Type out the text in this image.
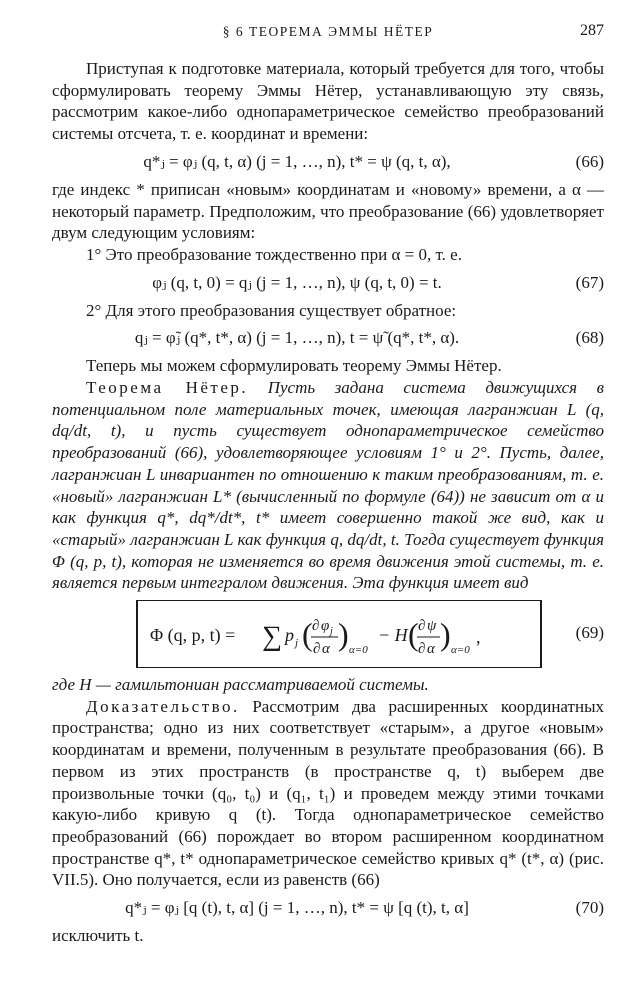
§ 6 ТЕОРЕМА ЭММЫ НЁТЕР	287

Приступая к подготовке материала, который требуется для того, чтобы сформулировать теорему Эммы Нётер, устанавливающую эту связь, рассмотрим какое-либо однопараметрическое семейство преобразований системы отсчета, т. е. координат и времени:

q*ⱼ = φⱼ (q, t, α) (j = 1, …, n), t* = ψ (q, t, α),	(66)

где индекс * приписан «новым» координатам и «новому» времени, а α — некоторый параметр. Предположим, что преобразование (66) удовлетворяет двум следующим условиям:

1° Это преобразование тождественно при α = 0, т. е.

φⱼ (q, t, 0) = qⱼ (j = 1, …, n), ψ (q, t, 0) = t.	(67)

2° Для этого преобразования существует обратное:

qⱼ = φ̃ⱼ (q*, t*, α) (j = 1, …, n), t = ψ̃ (q*, t*, α).	(68)

Теперь мы можем сформулировать теорему Эммы Нётер.

Теорема Нётер. Пусть задана система движущихся в потенциальном поле материальных точек, имеющая лагранжиан L (q, dq/dt, t), и пусть существует однопараметрическое семейство преобразований (66), удовлетворяющее условиям 1° и 2°. Пусть, далее, лагранжиан L инвариантен по отношению к таким преобразованиям, т. е. «новый» лагранжиан L* (вычисленный по формуле (64)) не зависит от α и как функция q*, dq*/dt*, t* имеет совершенно такой же вид, как и «старый» лагранжиан L как функция q, dq/dt, t. Тогда существует функция Φ (q, p, t), которая не изменяется во время движения этой системы, т. е. является первым интегралом движения. Эта функция имеет вид

Φ (q, p, t) = ∑ p j ( ∂ φ j
∂ α ) α=0
− H ( ∂ ψ
∂ α ) α=0
,	(69)

где H — гамильтониан рассматриваемой системы.

Доказательство. Рассмотрим два расширенных координатных пространства; одно из них соответствует «старым», а другое «новым» координатам и времени, полученным в результате преобразования (66). В первом из этих пространств (в пространстве q, t) выберем две произвольные точки (q₀, t₀) и (q₁, t₁) и проведем между этими точками какую-либо кривую q (t). Тогда однопараметрическое семейство преобразований (66) порождает во втором расширенном координатном пространстве q*, t* однопараметрическое семейство кривых q* (t*, α) (рис. VII.5). Оно получается, если из равенств (66)

q*ⱼ = φⱼ [q (t), t, α] (j = 1, …, n), t* = ψ [q (t), t, α]	(70)

исключить t.
